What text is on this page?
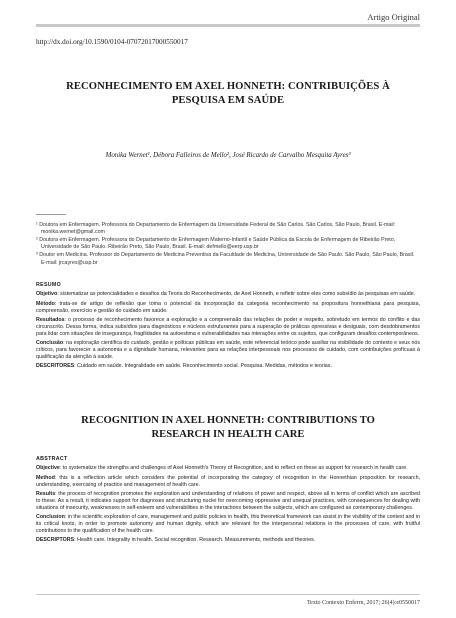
Artigo Original
http://dx.doi.org/10.1590/0104-07072017000550017
RECONHECIMENTO EM AXEL HONNETH: CONTRIBUIÇÕES À PESQUISA EM SAÚDE
Monika Wernet¹, Débora Falleiros de Mello², José Ricardo de Carvalho Mesquita Ayres³

¹ Doutora em Enfermagem. Professora do Departamento de Enfermagem da Universidade Federal de São Carlos. São Carlos, São Paulo, Brasil. E-mail: monika.wernet@gmail.com

² Doutora em Enfermagem. Professora do Departamento de Enfermagem Materno-Infantil e Saúde Pública da Escola de Enfermagem de Ribeirão Preto, Universidade de São Paulo. Ribeirão Preto, São Paulo, Brasil. E-mail: defmello@eerp.usp.br

³ Doutor em Medicina. Professor do Departamento de Medicina Preventiva da Faculdade de Medicina, Universidade de São Paulo. São Paulo, São Paulo, Brasil. E-mail: jrcayres@usp.br

RESUMO

Objetivo: sistematizar as potencialidades e desafios da Teoria do Reconhecimento, de Axel Honneth, e refletir sobre eles como subsídio às pesquisas em saúde.

Método: trata-se de artigo de reflexão que toma o potencial da incorporação da categoria reconhecimento na propositura honnethiana para pesquisa, compreensão, exercício e gestão do cuidado em saúde.

Resultados: o processo de reconhecimento favorece a exploração e a compreensão das relações de poder e respeito, sobretudo em termos do conflito e das circunscrito. Dessa forma, indica subsídios para diagnósticos e núcleos estruturantes para a superação de práticas opressivas e desiguais, com desdobramentos para lidar com situações de insegurança, fragilidades na autoestima e vulnerabilidades nas interações entre os sujeitos, que configuram desafios contemporâneos.

Conclusão: na exploração científica do cuidado, gestão e políticas públicas em saúde, este referencial teórico pode auxiliar na visibilidade do contexto e seus nós críticos, para favorecer a autonomia e a dignidade humana, relevantes para as relações interpessoais nos processos de cuidado, com contribuições profícuas à qualificação da atenção à saúde.

DESCRITORES: Cuidado em saúde. Integralidade em saúde. Reconhecimento social. Pesquisa. Medidas, métodos e teorias.

RECOGNITION IN AXEL HONNETH: CONTRIBUTIONS TO RESEARCH IN HEALTH CARE
ABSTRACT

Objective: to systematize the strengths and challenges of Axel Honneth's Theory of Recognition, and to reflect on these as support for research in health care.

Method: this is a reflection article which considers the potential of incorporating the category of recognition in the Honnethian proposition for research, understanding, exercising of practice and management of health care.

Results: the process of recognition promotes the exploration and understanding of relations of power and respect, above all in terms of conflict which are ascribed to these. As a result, it indicates support for diagnoses and structuring nuclei for overcoming oppressive and unequal practices, with consequences for dealing with situations of insecurity, weaknesses in self-esteem and vulnerabilities in the interactions between the subjects, which are configured as contemporary challenges.

Conclusion: in the scientific exploration of care, management and public policies in health, this theoretical framework can assist in the visibility of the context and in its critical knots, in order to promote autonomy and human dignity, which are relevant for the interpersonal relations in the processes of care, with fruitful contributions to the qualification of the health care.

DESCRIPTORS: Health care. Integrality in health. Social recognition. Research. Measurements, methods and theories.

Texto Contexto Enferm, 2017; 26(4):e0550017
